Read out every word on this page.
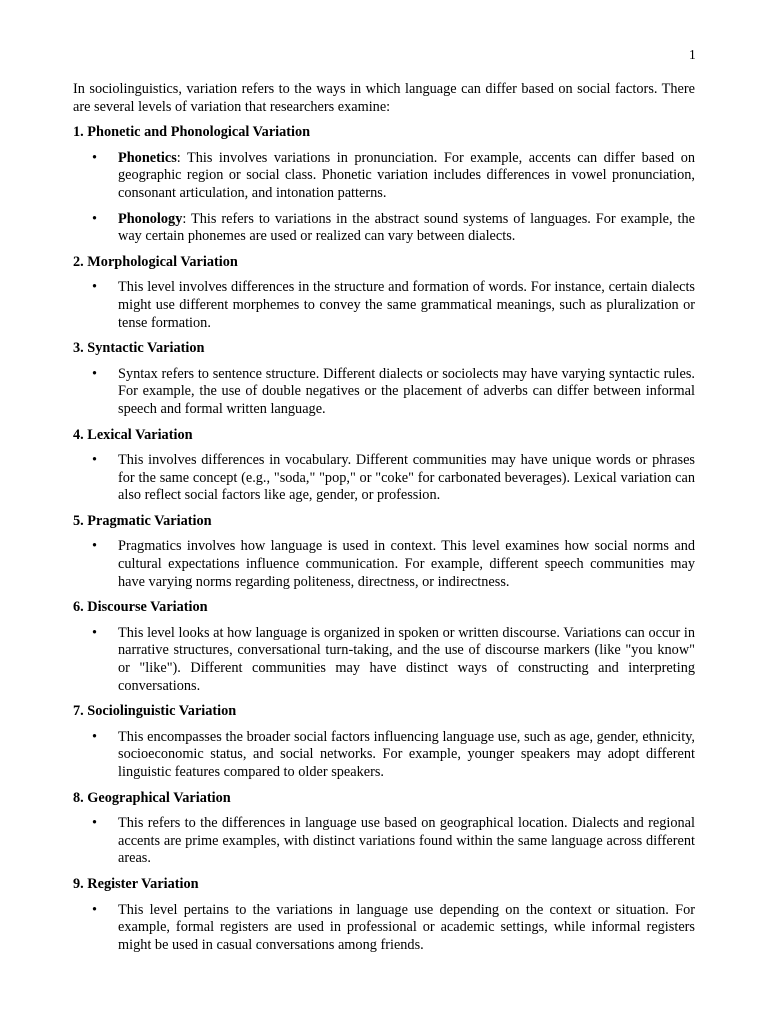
1

In sociolinguistics, variation refers to the ways in which language can differ based on social factors. There are several levels of variation that researchers examine:

1. Phonetic and Phonological Variation

• Phonetics: This involves variations in pronunciation. For example, accents can differ based on geographic region or social class. Phonetic variation includes differences in vowel pronunciation, consonant articulation, and intonation patterns.
• Phonology: This refers to variations in the abstract sound systems of languages. For example, the way certain phonemes are used or realized can vary between dialects.

2. Morphological Variation

• This level involves differences in the structure and formation of words. For instance, certain dialects might use different morphemes to convey the same grammatical meanings, such as pluralization or tense formation.

3. Syntactic Variation

• Syntax refers to sentence structure. Different dialects or sociolects may have varying syntactic rules. For example, the use of double negatives or the placement of adverbs can differ between informal speech and formal written language.

4. Lexical Variation

• This involves differences in vocabulary. Different communities may have unique words or phrases for the same concept (e.g., "soda," "pop," or "coke" for carbonated beverages). Lexical variation can also reflect social factors like age, gender, or profession.

5. Pragmatic Variation

• Pragmatics involves how language is used in context. This level examines how social norms and cultural expectations influence communication. For example, different speech communities may have varying norms regarding politeness, directness, or indirectness.

6. Discourse Variation

• This level looks at how language is organized in spoken or written discourse. Variations can occur in narrative structures, conversational turn-taking, and the use of discourse markers (like "you know" or "like"). Different communities may have distinct ways of constructing and interpreting conversations.

7. Sociolinguistic Variation

• This encompasses the broader social factors influencing language use, such as age, gender, ethnicity, socioeconomic status, and social networks. For example, younger speakers may adopt different linguistic features compared to older speakers.

8. Geographical Variation

• This refers to the differences in language use based on geographical location. Dialects and regional accents are prime examples, with distinct variations found within the same language across different areas.

9. Register Variation

• This level pertains to the variations in language use depending on the context or situation. For example, formal registers are used in professional or academic settings, while informal registers might be used in casual conversations among friends.
